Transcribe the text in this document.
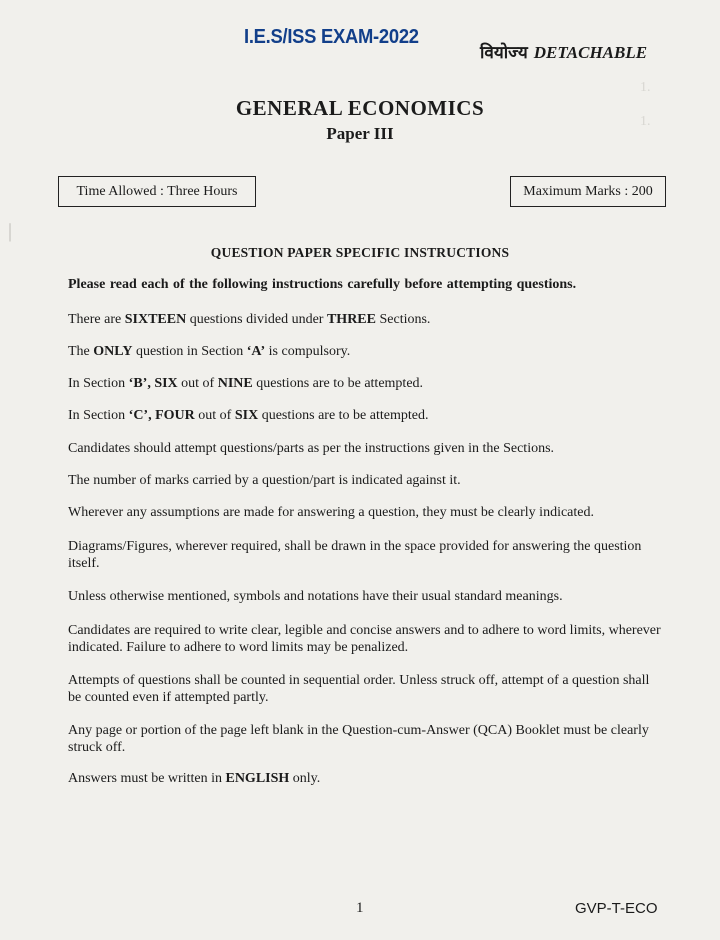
1.
1.
|
I.E.S/ISS EXAM-2022
वियोज्य DETACHABLE
GENERAL ECONOMICS
Paper III
Time Allowed : Three Hours	Maximum Marks : 200
QUESTION PAPER SPECIFIC INSTRUCTIONS
Please read each of the following instructions carefully before attempting questions.
There are SIXTEEN questions divided under THREE Sections.
The ONLY question in Section ‘A’ is compulsory.
In Section ‘B’, SIX out of NINE questions are to be attempted.
In Section ‘C’, FOUR out of SIX questions are to be attempted.
Candidates should attempt questions/parts as per the instructions given in the Sections.
The number of marks carried by a question/part is indicated against it.
Wherever any assumptions are made for answering a question, they must be clearly indicated.
Diagrams/Figures, wherever required, shall be drawn in the space provided for answering the question itself.
Unless otherwise mentioned, symbols and notations have their usual standard meanings.
Candidates are required to write clear, legible and concise answers and to adhere to word limits, wherever indicated. Failure to adhere to word limits may be penalized.
Attempts of questions shall be counted in sequential order. Unless struck off, attempt of a question shall be counted even if attempted partly.
Any page or portion of the page left blank in the Question-cum-Answer (QCA) Booklet must be clearly struck off.
Answers must be written in ENGLISH only.
1	GVP-T-ECO
